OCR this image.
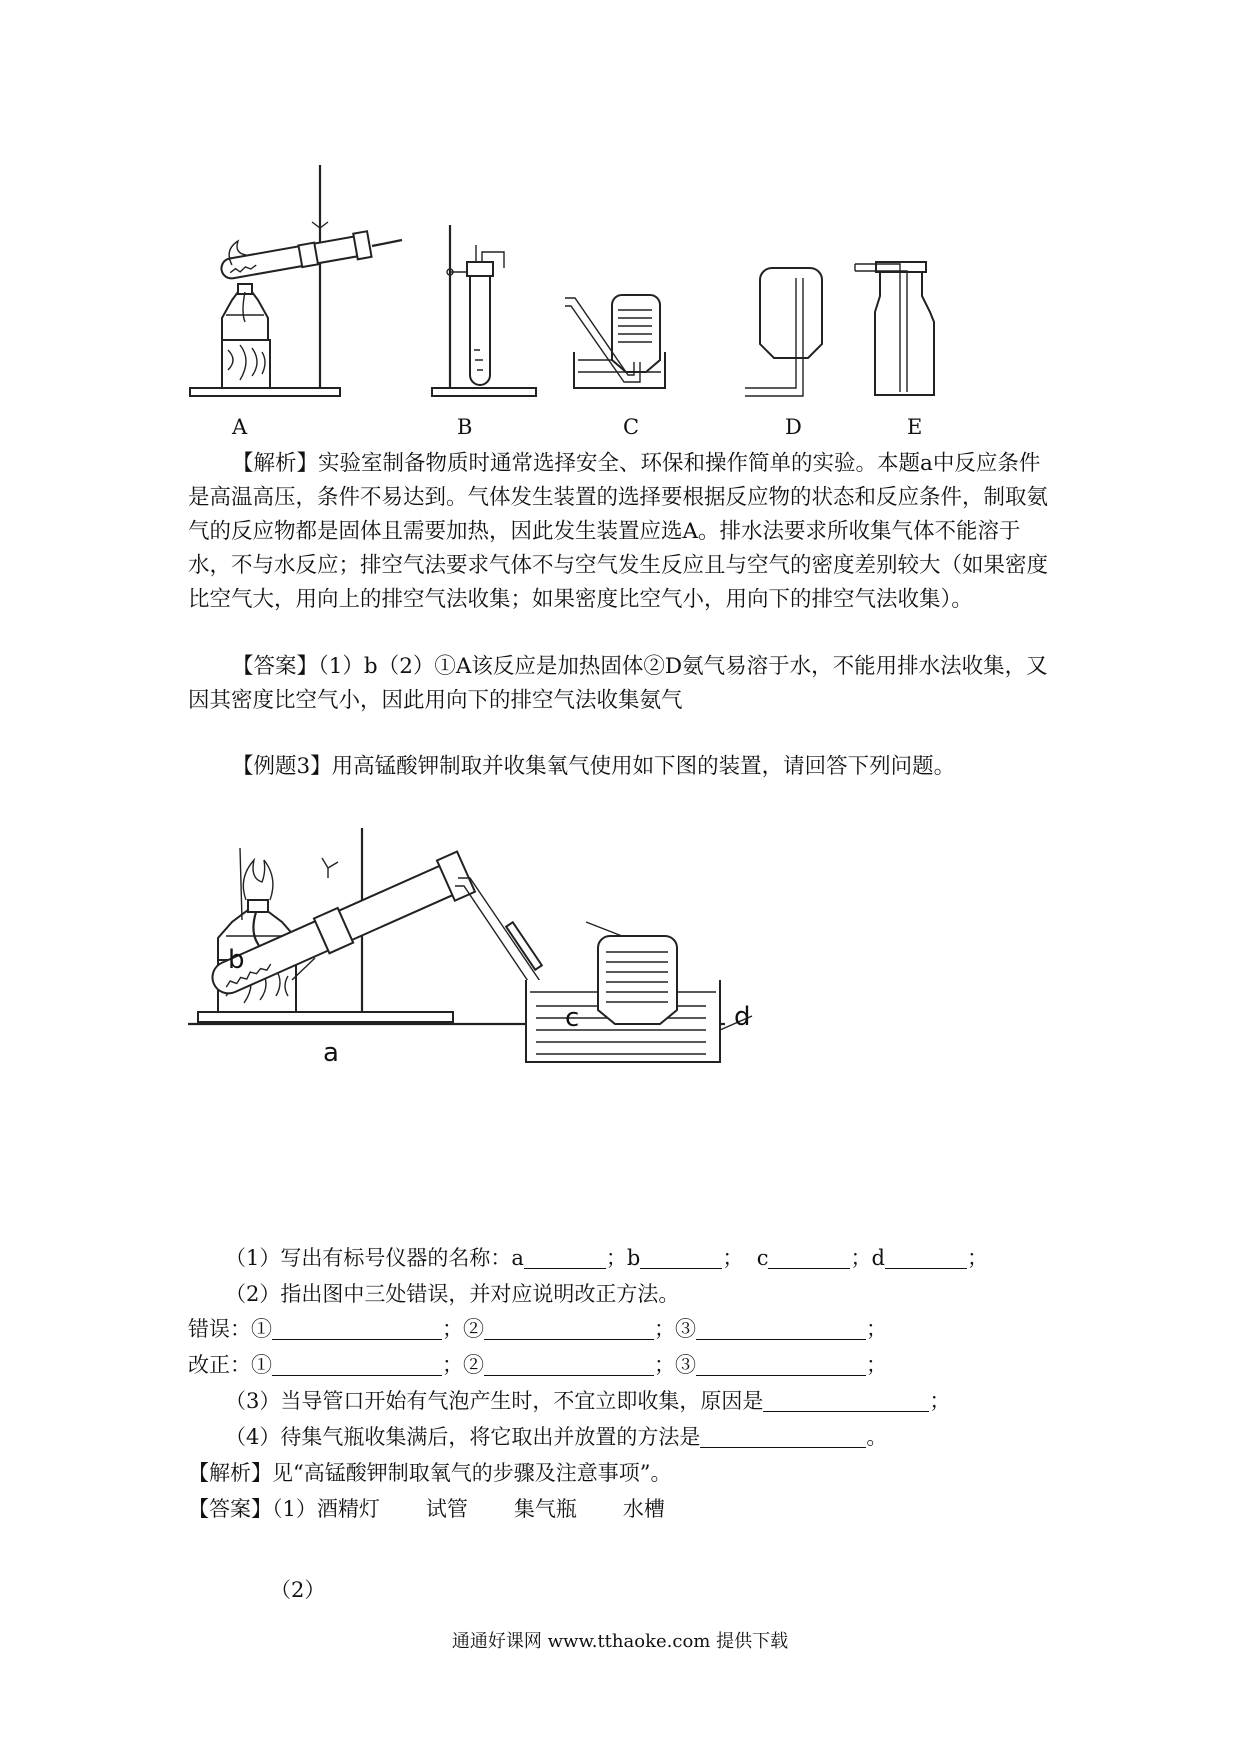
A	B	C	D	E
【解析】实验室制备物质时通常选择安全、环保和操作简单的实验。本题a中反应条件是高温高压，条件不易达到。气体发生装置的选择要根据反应物的状态和反应条件，制取氨气的反应物都是固体且需要加热，因此发生装置应选A。排水法要求所收集气体不能溶于水，不与水反应；排空气法要求气体不与空气发生反应且与空气的密度差别较大（如果密度比空气大，用向上的排空气法收集；如果密度比空气小，用向下的排空气法收集）。
【答案】（1）b（2）①A该反应是加热固体②D氨气易溶于水，不能用排水法收集，又因其密度比空气小，因此用向下的排空气法收集氨气
【例题3】用高锰酸钾制取并收集氧气使用如下图的装置，请回答下列问题。
b
a
c	d
（1）写出有标号仪器的名称：a	；b	； c	；d	；
（2）指出图中三处错误，并对应说明改正方法。
错误：①	；②	；③	；
改正：①	；②	；③	；
（3）当导管口开始有气泡产生时，不宜立即收集，原因是	；
（4）待集气瓶收集满后，将它取出并放置的方法是	。
【解析】见“高锰酸钾制取氧气的步骤及注意事项”。
【答案】（1）酒精灯 试管 集气瓶 水槽
（2）
通通好课网 www.tthaoke.com 提供下载
